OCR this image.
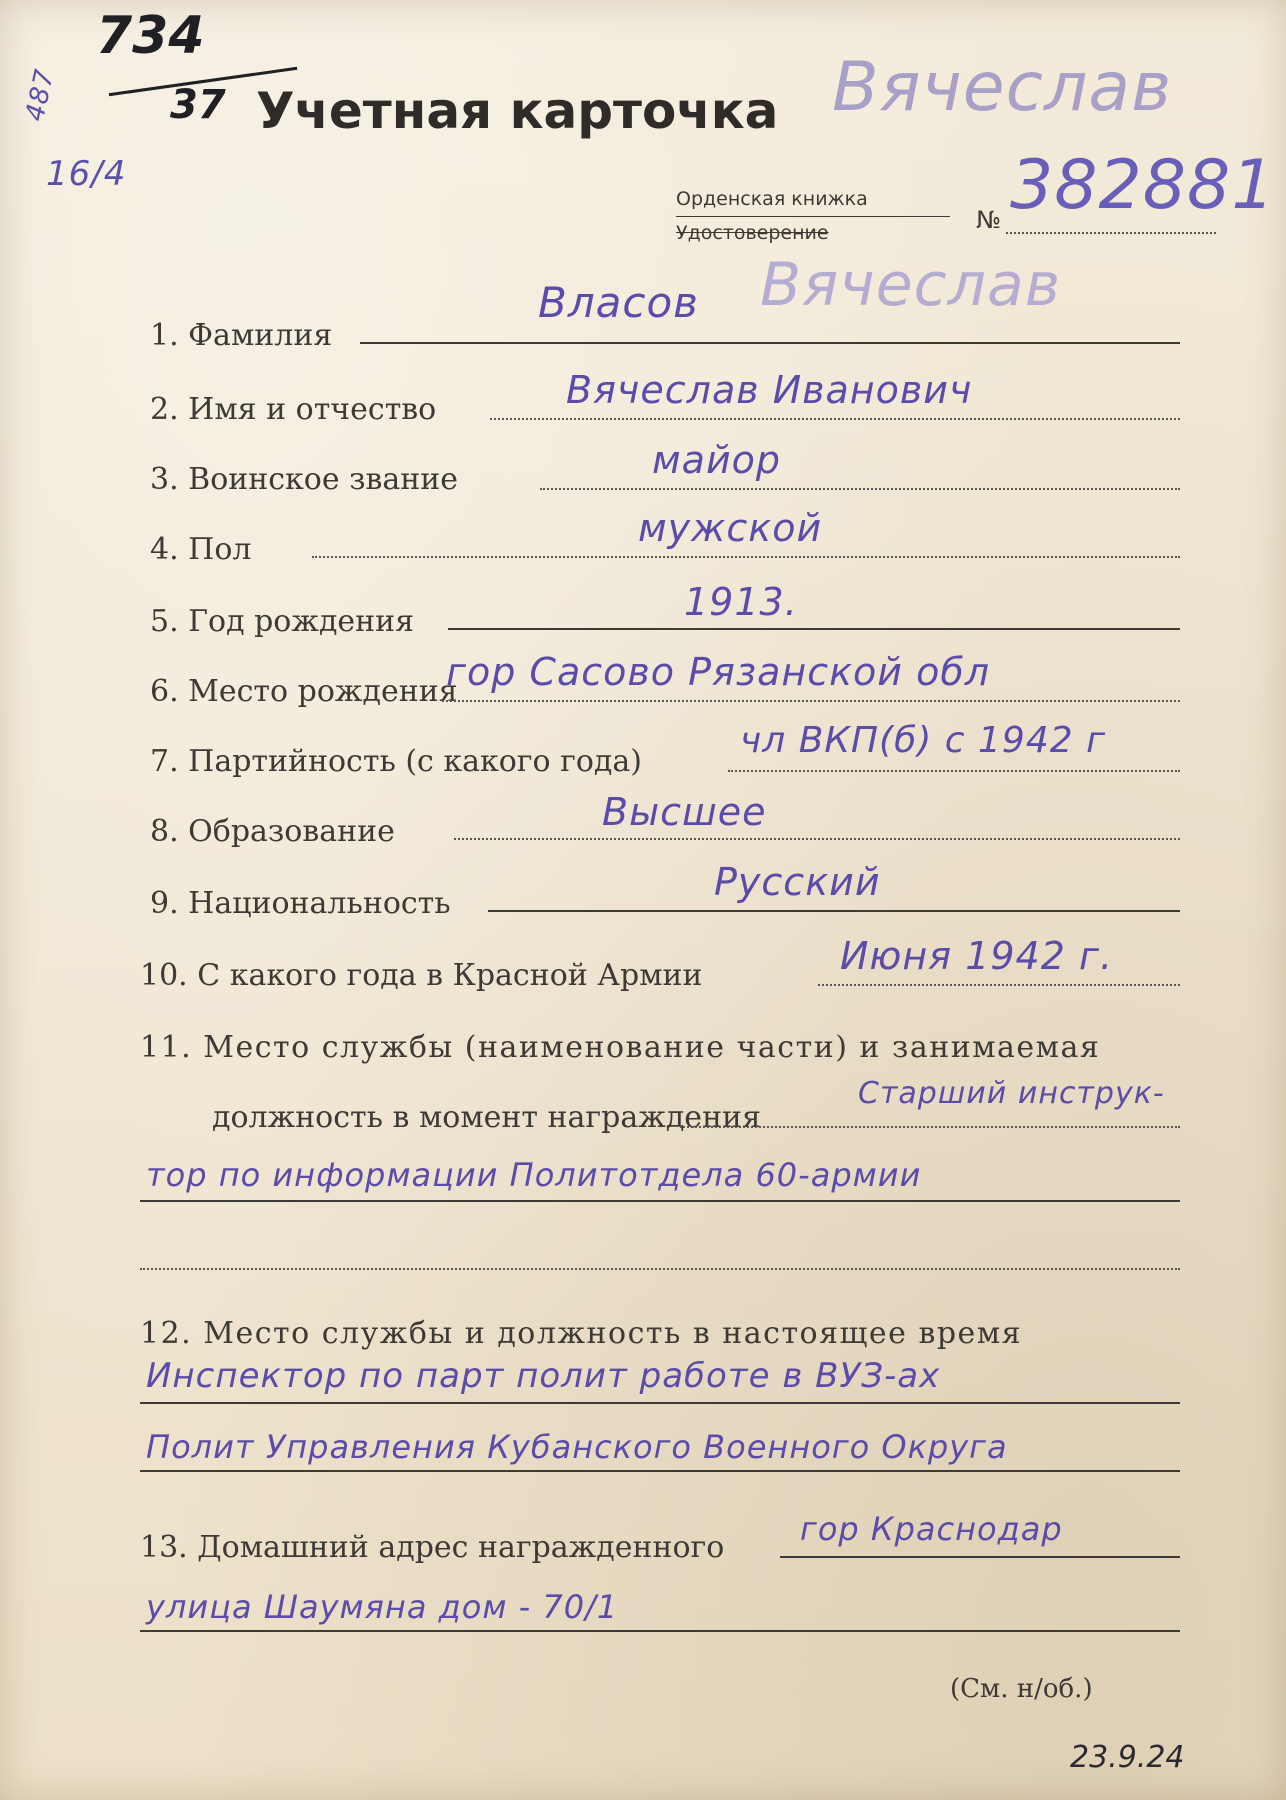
734
487	37
16/4
Учетная карточка Вячеслав
Орденская книжка
Удостоверение	№ 382881
Вячеслав
1. Фамилия
Власов
2. Имя и отчество	Вячеслав Иванович
3. Воинское звание	майор
4. Пол	мужской
5. Год рождения	1913.
6. Место рождения
гор Сасово Рязанской обл
7. Партийность (с какого года)
чл ВКП(б) с 1942 г
8. Образование	Высшее
9. Национальность	Русский
10. С какого года в Красной Армии	Июня 1942 г.
11. Место службы (наименование части) и занимаемая
должность в момент награждения
Старший инструк-
тор по информации Политотдела 60-армии
12. Место службы и должность в настоящее время
Инспектор по парт полит работе в ВУЗ-ах
Полит Управления Кубанского Военного Округа
13. Домашний адрес награжденного гор Краснодар
улица Шаумяна дом - 70/1
(См. н/об.)
23.9.24
